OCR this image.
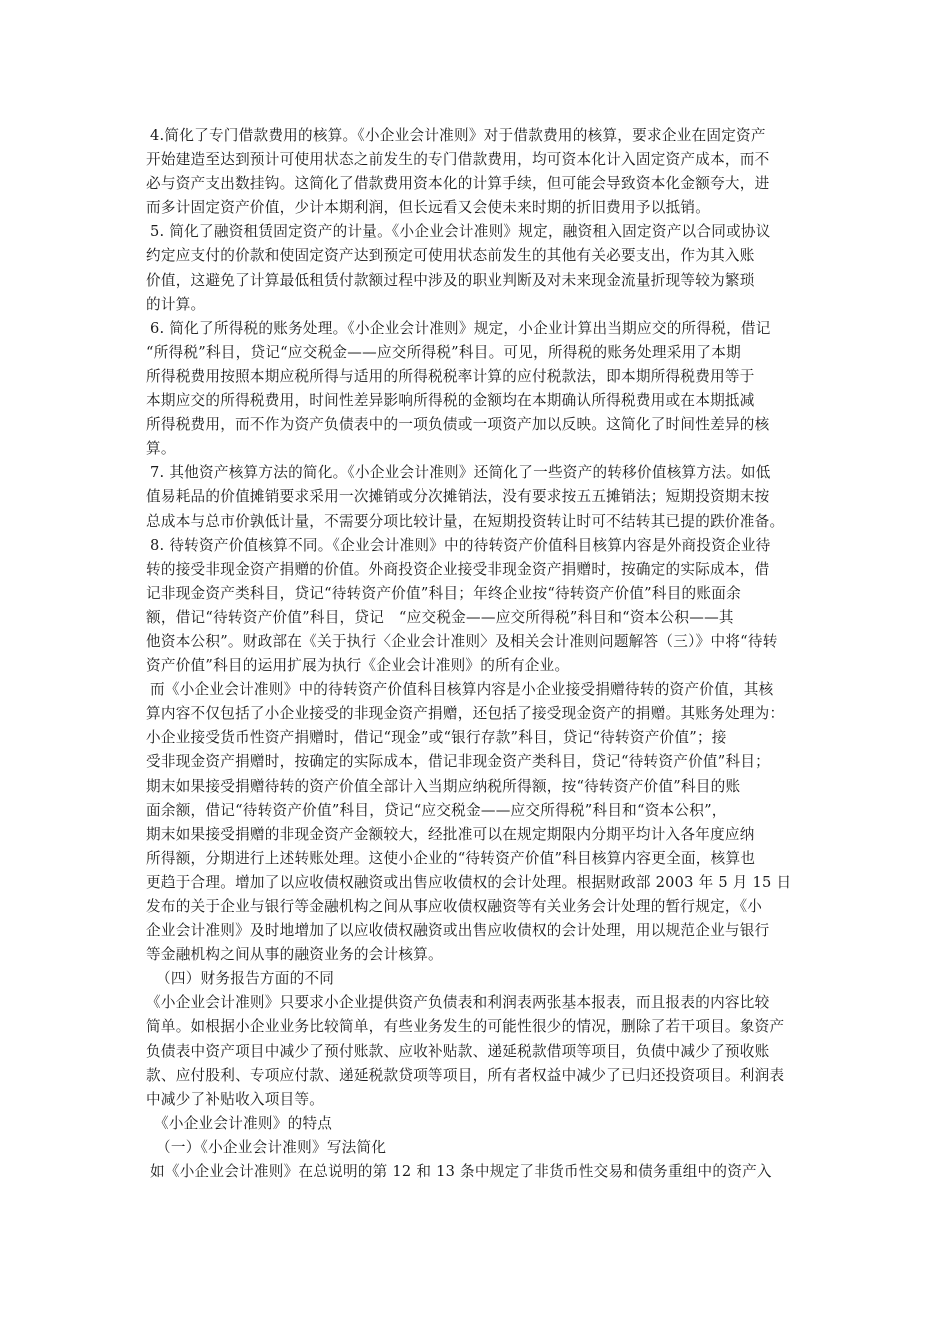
4.简化了专门借款费用的核算。《小企业会计准则》对于借款费用的核算，要求企业在固定资产
开始建造至达到预计可使用状态之前发生的专门借款费用，均可资本化计入固定资产成本，而不
必与资产支出数挂钩。这简化了借款费用资本化的计算手续，但可能会导致资本化金额夸大，进
而多计固定资产价值，少计本期利润，但长远看又会使未来时期的折旧费用予以抵销。
5. 简化了融资租赁固定资产的计量。《小企业会计准则》规定，融资租入固定资产以合同或协议
约定应支付的价款和使固定资产达到预定可使用状态前发生的其他有关必要支出，作为其入账
价值，这避免了计算最低租赁付款额过程中涉及的职业判断及对未来现金流量折现等较为繁琐
的计算。
6. 简化了所得税的账务处理。《小企业会计准则》规定，小企业计算出当期应交的所得税，借记
“所得税”科目，贷记“应交税金——应交所得税”科目。可见，所得税的账务处理采用了本期
所得税费用按照本期应税所得与适用的所得税税率计算的应付税款法，即本期所得税费用等于
本期应交的所得税费用，时间性差异影响所得税的金额均在本期确认所得税费用或在本期抵减
所得税费用，而不作为资产负债表中的一项负债或一项资产加以反映。这简化了时间性差异的核
算。
7. 其他资产核算方法的简化。《小企业会计准则》还简化了一些资产的转移价值核算方法。如低
值易耗品的价值摊销要求采用一次摊销或分次摊销法，没有要求按五五摊销法；短期投资期末按
总成本与总市价孰低计量，不需要分项比较计量，在短期投资转让时可不结转其已提的跌价准备。
8. 待转资产价值核算不同。《企业会计准则》中的待转资产价值科目核算内容是外商投资企业待
转的接受非现金资产捐赠的价值。外商投资企业接受非现金资产捐赠时，按确定的实际成本，借
记非现金资产类科目，贷记“待转资产价值”科目；年终企业按“待转资产价值”科目的账面余
额，借记“待转资产价值”科目，贷记　“应交税金——应交所得税”科目和“资本公积——其
他资本公积”。财政部在《关于执行〈企业会计准则〉及相关会计准则问题解答（三）》中将“待转
资产价值”科目的运用扩展为执行《企业会计准则》的所有企业。
而《小企业会计准则》中的待转资产价值科目核算内容是小企业接受捐赠待转的资产价值，其核
算内容不仅包括了小企业接受的非现金资产捐赠，还包括了接受现金资产的捐赠。其账务处理为：
小企业接受货币性资产捐赠时，借记“现金”或“银行存款”科目，贷记“待转资产价值”；接
受非现金资产捐赠时，按确定的实际成本，借记非现金资产类科目，贷记“待转资产价值”科目；
期末如果接受捐赠待转的资产价值全部计入当期应纳税所得额，按“待转资产价值”科目的账
面余额，借记“待转资产价值”科目，贷记“应交税金——应交所得税”科目和“资本公积”，
期末如果接受捐赠的非现金资产金额较大，经批准可以在规定期限内分期平均计入各年度应纳
所得额，分期进行上述转账处理。这使小企业的“待转资产价值”科目核算内容更全面，核算也
更趋于合理。增加了以应收债权融资或出售应收债权的会计处理。根据财政部 2003 年 5 月 15 日
发布的关于企业与银行等金融机构之间从事应收债权融资等有关业务会计处理的暂行规定，《小
企业会计准则》及时地增加了以应收债权融资或出售应收债权的会计处理，用以规范企业与银行
等金融机构之间从事的融资业务的会计核算。
（四）财务报告方面的不同
《小企业会计准则》只要求小企业提供资产负债表和利润表两张基本报表，而且报表的内容比较
简单。如根据小企业业务比较简单，有些业务发生的可能性很少的情况，删除了若干项目。象资产
负债表中资产项目中减少了预付账款、应收补贴款、递延税款借项等项目，负债中减少了预收账
款、应付股利、专项应付款、递延税款贷项等项目，所有者权益中减少了已归还投资项目。利润表
中减少了补贴收入项目等。
《小企业会计准则》的特点
（一）《小企业会计准则》写法简化
如《小企业会计准则》在总说明的第 12 和 13 条中规定了非货币性交易和债务重组中的资产入
